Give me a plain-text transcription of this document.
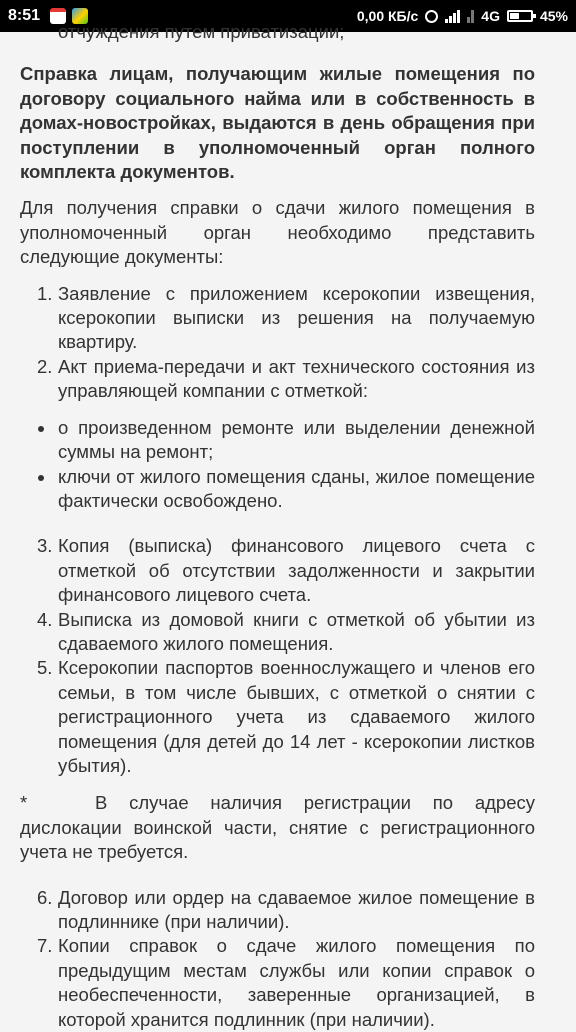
8:51	0,00 КБ/с	4G	45%

отчуждения путем приватизации;

Справка лицам, получающим жилые помещения по договору социального найма или в собственность в домах-новостройках, выдаются в день обращения при поступлении в уполномоченный орган полного комплекта документов.

Для получения справки о сдачи жилого помещения в уполномоченный орган необходимо представить следующие документы:

1. Заявление с приложением ксерокопии извещения, ксерокопии выписки из решения на получаемую квартиру.
2. Акт приема-передачи и акт технического состояния из управляющей компании с отметкой:
о произведенном ремонте или выделении денежной суммы на ремонт;
ключи от жилого помещения сданы, жилое помещение фактически освобождено.
3. Копия (выписка) финансового лицевого счета с отметкой об отсутствии задолженности и закрытии финансового лицевого счета.
4. Выписка из домовой книги с отметкой об убытии из сдаваемого жилого помещения.
5. Ксерокопии паспортов военнослужащего и членов его семьи, в том числе бывших, с отметкой о снятии с регистрационного учета из сдаваемого жилого помещения (для детей до 14 лет - ксерокопии листков убытия).

*	В случае наличия регистрации по адресу дислокации воинской части, снятие с регистрационного учета не требуется.

6. Договор или ордер на сдаваемое жилое помещение в подлиннике (при наличии).
7. Копии справок о сдаче жилого помещения по предыдущим местам службы или копии справок о необеспеченности, заверенные организацией, в которой хранится подлинник (при наличии).
